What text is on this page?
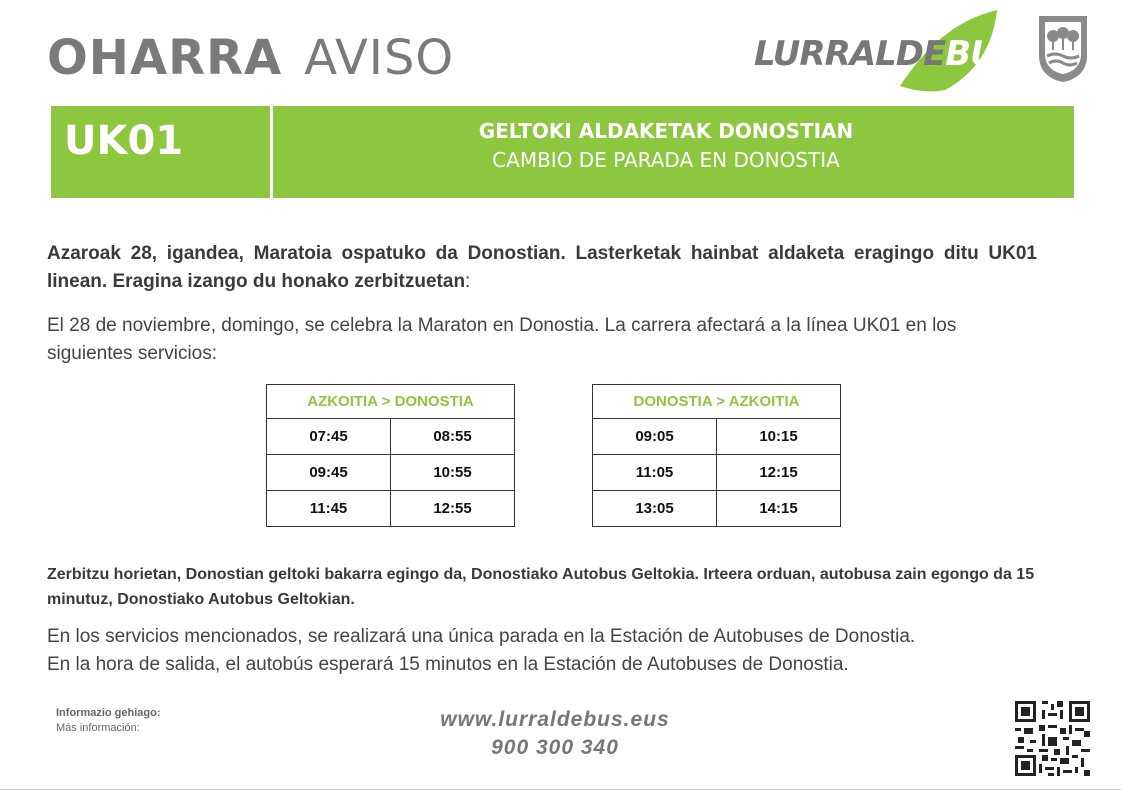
OHARRA AVISO	LURRALDEBUS
UK01	GELTOKI ALDAKETAK DONOSTIAN
CAMBIO DE PARADA EN DONOSTIA
Azaroak 28, igandea, Maratoia ospatuko da Donostian. Lasterketak hainbat aldaketa eragingo ditu UK01 linean. Eragina izango du honako zerbitzuetan:
El 28 de noviembre, domingo, se celebra la Maraton en Donostia. La carrera afectará a la línea UK01 en los siguientes servicios:
AZKOITIA > DONOSTIA	
07:45	08:55
09:45	10:55
11:45	12:55
DONOSTIA > AZKOITIA	
09:05	10:15
11:05	12:15
13:05	14:15
Zerbitzu horietan, Donostian geltoki bakarra egingo da, Donostiako Autobus Geltokia. Irteera orduan, autobusa zain egongo da 15 minutuz, Donostiako Autobus Geltokian.
En los servicios mencionados, se realizará una única parada en la Estación de Autobuses de Donostia.
En la hora de salida, el autobús esperará 15 minutos en la Estación de Autobuses de Donostia.
Informazio gehiago:
Más información:	www.lurraldebus.eus
900 300 340
